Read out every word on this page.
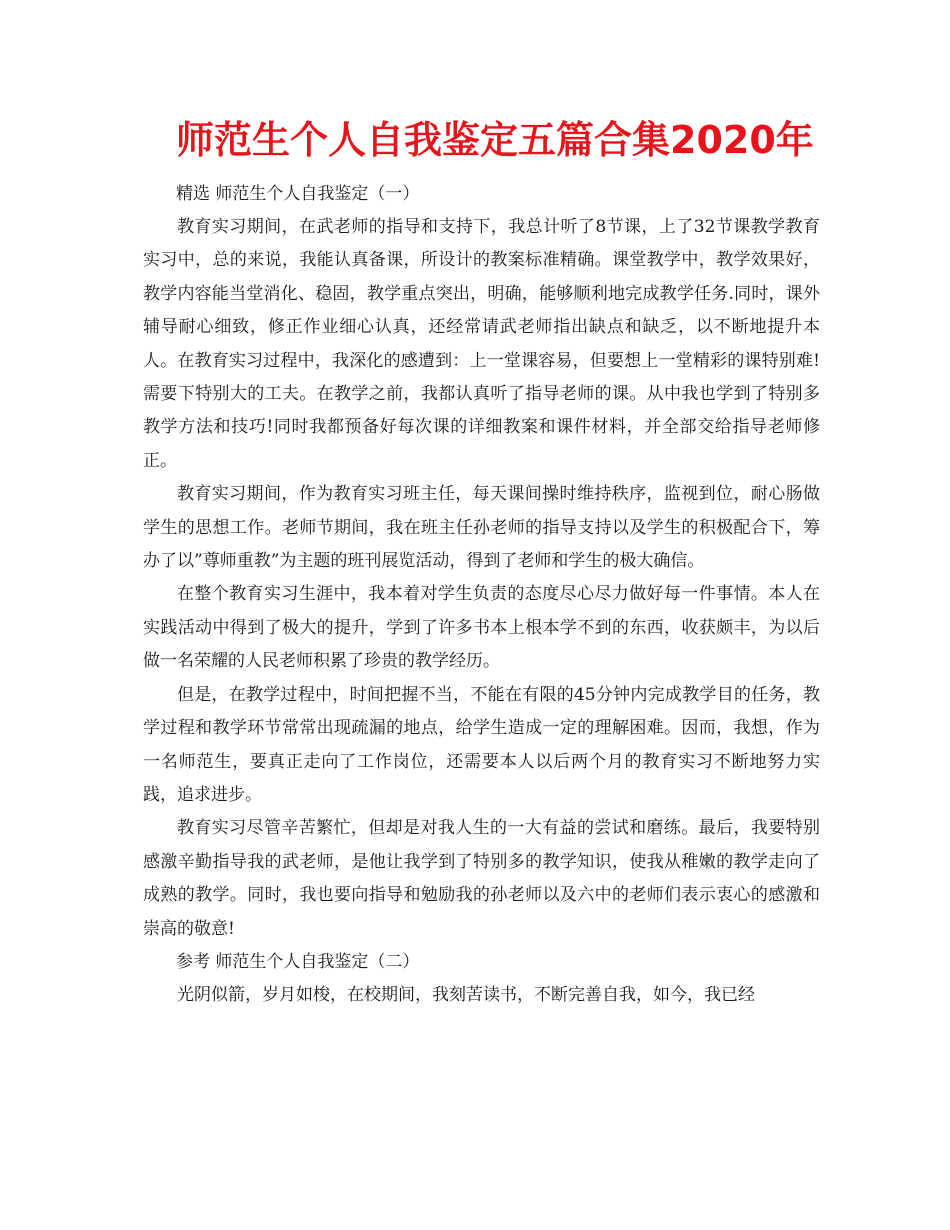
师范生个人自我鉴定五篇合集2020年

精选 师范生个人自我鉴定（一）

教育实习期间，在武老师的指导和支持下，我总计听了8节课，上了32节课教学教育实习中，总的来说，我能认真备课，所设计的教案标准精确。课堂教学中，教学效果好，教学内容能当堂消化、稳固，教学重点突出，明确，能够顺利地完成教学任务.同时，课外辅导耐心细致，修正作业细心认真，还经常请武老师指出缺点和缺乏，以不断地提升本人。在教育实习过程中，我深化的感遭到：上一堂课容易，但要想上一堂精彩的课特别难!需要下特别大的工夫。在教学之前，我都认真听了指导老师的课。从中我也学到了特别多教学方法和技巧!同时我都预备好每次课的详细教案和课件材料，并全部交给指导老师修正。

教育实习期间，作为教育实习班主任，每天课间操时维持秩序，监视到位，耐心肠做学生的思想工作。老师节期间，我在班主任孙老师的指导支持以及学生的积极配合下，筹办了以”尊师重教”为主题的班刊展览活动，得到了老师和学生的极大确信。

在整个教育实习生涯中，我本着对学生负责的态度尽心尽力做好每一件事情。本人在实践活动中得到了极大的提升，学到了许多书本上根本学不到的东西，收获颇丰，为以后做一名荣耀的人民老师积累了珍贵的教学经历。

但是，在教学过程中，时间把握不当，不能在有限的45分钟内完成教学目的任务，教学过程和教学环节常常出现疏漏的地点，给学生造成一定的理解困难。因而，我想，作为一名师范生，要真正走向了工作岗位，还需要本人以后两个月的教育实习不断地努力实践，追求进步。

教育实习尽管辛苦繁忙，但却是对我人生的一大有益的尝试和磨练。最后，我要特别感激辛勤指导我的武老师，是他让我学到了特别多的教学知识，使我从稚嫩的教学走向了成熟的教学。同时，我也要向指导和勉励我的孙老师以及六中的老师们表示衷心的感激和崇高的敬意!

参考 师范生个人自我鉴定（二）

光阴似箭，岁月如梭，在校期间，我刻苦读书，不断完善自我，如今，我已经
